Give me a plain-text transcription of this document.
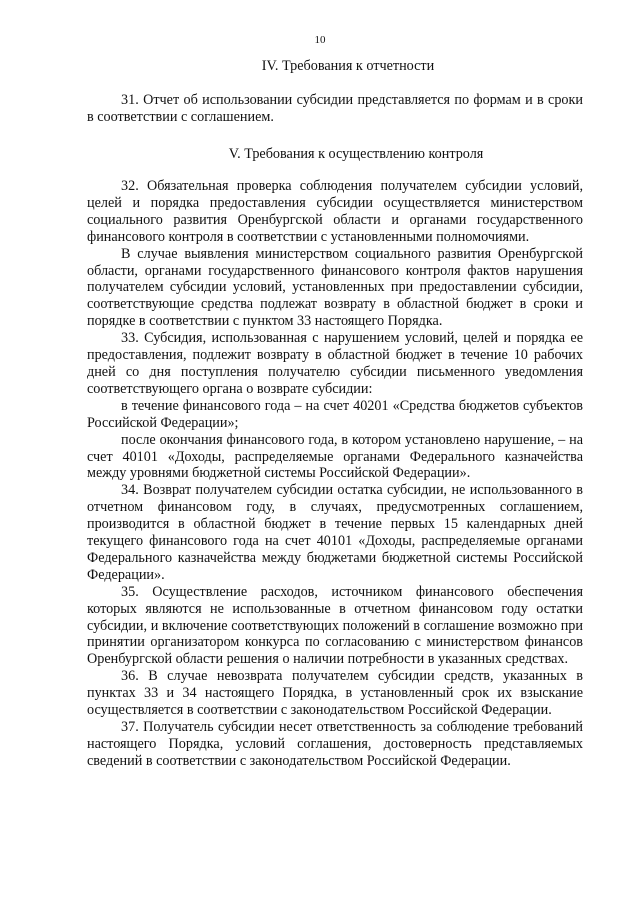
10
IV. Требования к отчетности

31. Отчет об использовании субсидии представляется по формам и в сроки в соответствии с соглашением.

V. Требования к осуществлению контроля

32. Обязательная проверка соблюдения получателем субсидии условий, целей и порядка предоставления субсидии осуществляется министерством социального развития Оренбургской области и органами государственного финансового контроля в соответствии с установленными полномочиями.

В случае выявления министерством социального развития Оренбургской области, органами государственного финансового контроля фактов нарушения получателем субсидии условий, установленных при предоставлении субсидии, соответствующие средства подлежат возврату в областной бюджет в сроки и порядке в соответствии с пунктом 33 настоящего Порядка.

33. Субсидия, использованная с нарушением условий, целей и порядка ее предоставления, подлежит возврату в областной бюджет в течение 10 рабочих дней со дня поступления получателю субсидии письменного уведомления соответствующего органа о возврате субсидии:

в течение финансового года – на счет 40201 «Средства бюджетов субъектов Российской Федерации»;

после окончания финансового года, в котором установлено нарушение, – на счет 40101 «Доходы, распределяемые органами Федерального казначейства между уровнями бюджетной системы Российской Федерации».

34. Возврат получателем субсидии остатка субсидии, не использованного в отчетном финансовом году, в случаях, предусмотренных соглашением, производится в областной бюджет в течение первых 15 календарных дней текущего финансового года на счет 40101 «Доходы, распределяемые органами Федерального казначейства между бюджетами бюджетной системы Российской Федерации».

35. Осуществление расходов, источником финансового обеспечения которых являются не использованные в отчетном финансовом году остатки субсидии, и включение соответствующих положений в соглашение возможно при принятии организатором конкурса по согласованию с министерством финансов Оренбургской области решения о наличии потребности в указанных средствах.

36. В случае невозврата получателем субсидии средств, указанных в пунктах 33 и 34 настоящего Порядка, в установленный срок их взыскание осуществляется в соответствии с законодательством Российской Федерации.

37. Получатель субсидии несет ответственность за соблюдение требований настоящего Порядка, условий соглашения, достоверность представляемых сведений в соответствии с законодательством Российской Федерации.
